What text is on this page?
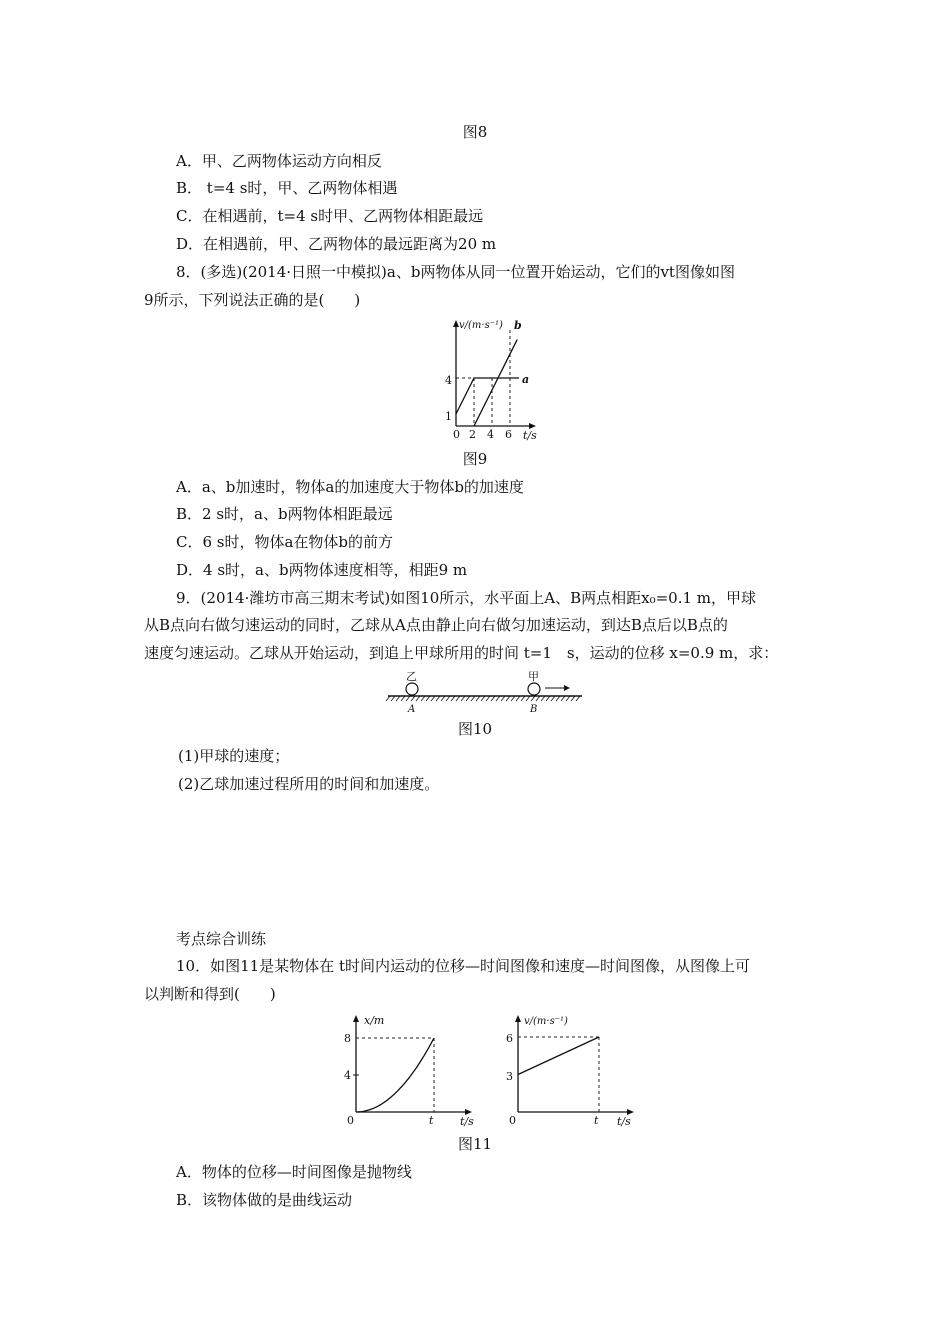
图8
A．甲、乙两物体运动方向相反
B． t=4 s时，甲、乙两物体相遇
C．在相遇前，t=4 s时甲、乙两物体相距最远
D．在相遇前，甲、乙两物体的最远距离为20 m
8．(多选)(2014·日照一中模拟)a、b两物体从同一位置开始运动，它们的vt图像如图
9所示，下列说法正确的是(　　)
v/(m·s⁻¹)
t/s
0 2 4 6
4
1
a
b
图9
A．a、b加速时，物体a的加速度大于物体b的加速度
B．2 s时，a、b两物体相距最远
C．6 s时，物体a在物体b的前方
D．4 s时，a、b两物体速度相等，相距9 m
9．(2014·潍坊市高三期末考试)如图10所示，水平面上A、B两点相距x₀=0.1 m，甲球
从B点向右做匀速运动的同时，乙球从A点由静止向右做匀加速运动，到达B点后以B点的
速度匀速运动。乙球从开始运动，到追上甲球所用的时间 t=1　s，运动的位移 x=0.9 m，求：
乙	甲
A	B
图10
(1)甲球的速度；
(2)乙球加速过程所用的时间和加速度。
考点综合训练
10．如图11是某物体在 t时间内运动的位移—时间图像和速度—时间图像，从图像上可
以判断和得到(　　)
x/m
t/s
8
4
0	t
v/(m·s⁻¹)
t/s
6
3
0	t
图11
A．物体的位移—时间图像是抛物线
B．该物体做的是曲线运动
